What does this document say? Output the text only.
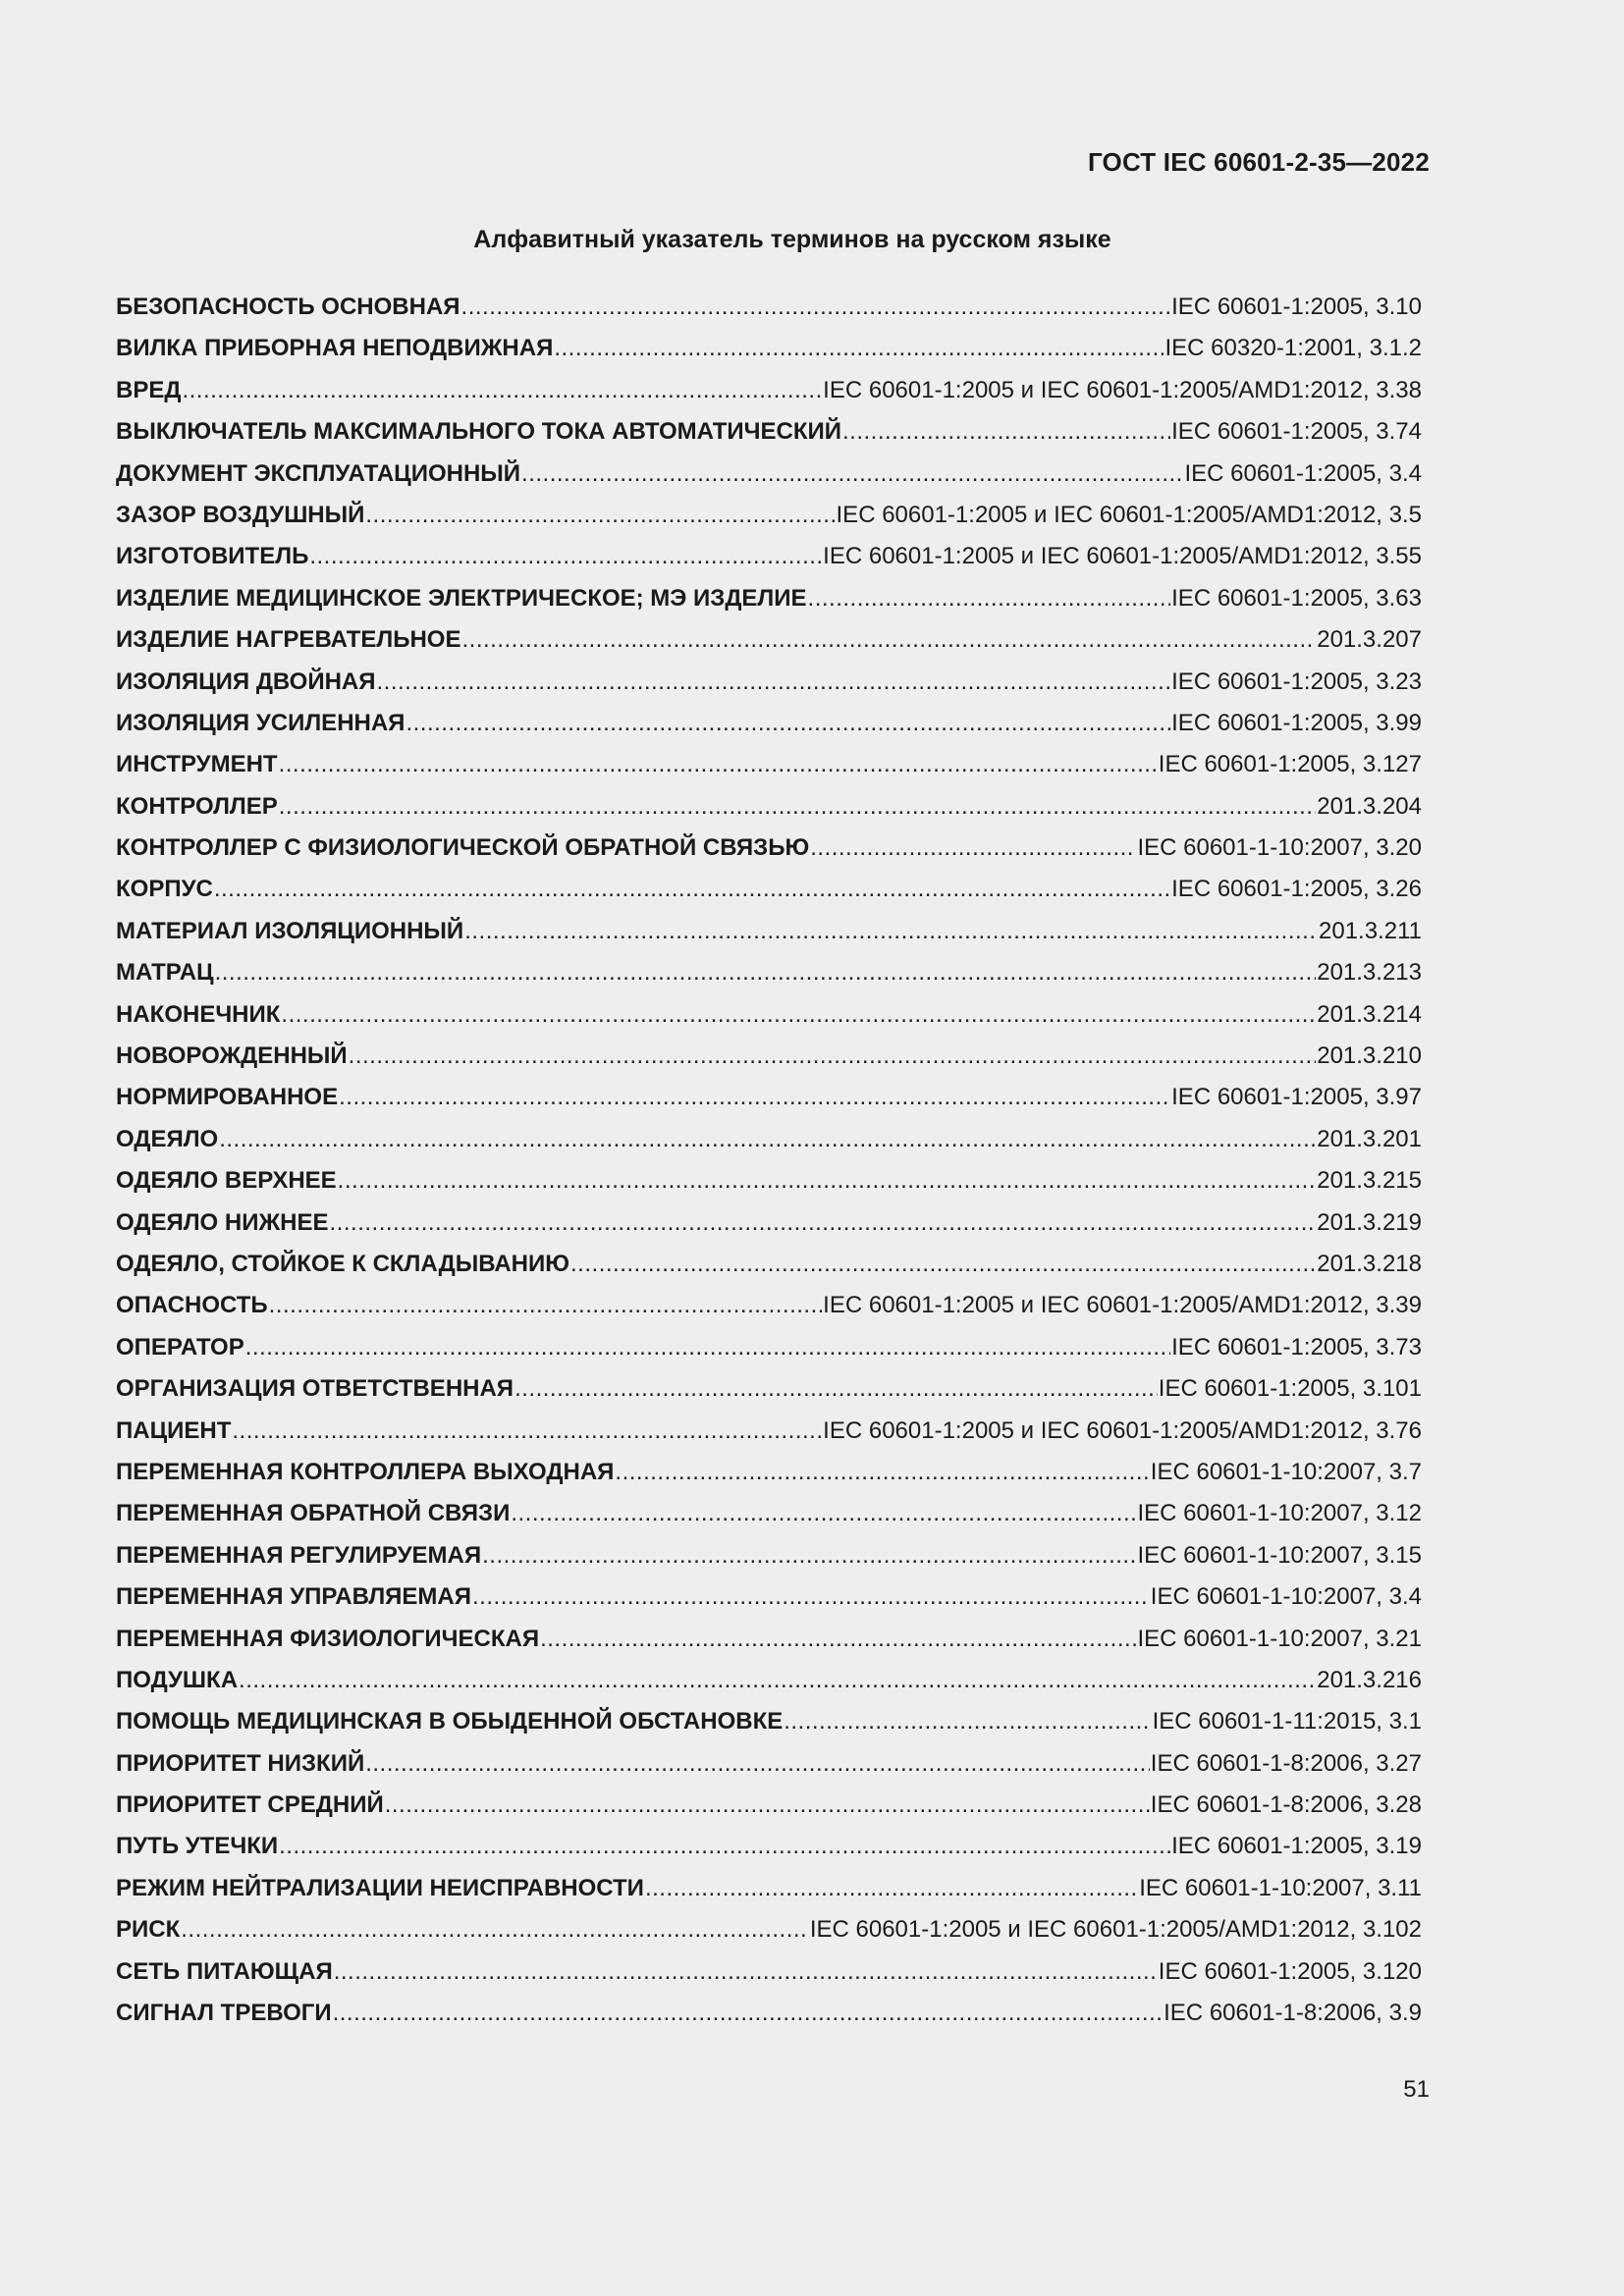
ГОСТ IEC 60601-2-35—2022
Алфавитный указатель терминов на русском языке
БЕЗОПАСНОСТЬ ОСНОВНАЯ .....	IEC 60601-1:2005, 3.10
ВИЛКА ПРИБОРНАЯ НЕПОДВИЖНАЯ .....	IEC 60320-1:2001, 3.1.2
ВРЕД .....	IEC 60601-1:2005 и IEC 60601-1:2005/AMD1:2012, 3.38
ВЫКЛЮЧАТЕЛЬ МАКСИМАЛЬНОГО ТОКА АВТОМАТИЧЕСКИЙ .....	IEC 60601-1:2005, 3.74
ДОКУМЕНТ ЭКСПЛУАТАЦИОННЫЙ .....	IEC 60601-1:2005, 3.4
ЗАЗОР ВОЗДУШНЫЙ .....	IEC 60601-1:2005 и IEC 60601-1:2005/AMD1:2012, 3.5
ИЗГОТОВИТЕЛЬ .....	IEC 60601-1:2005 и IEC 60601-1:2005/AMD1:2012, 3.55
ИЗДЕЛИЕ МЕДИЦИНСКОЕ ЭЛЕКТРИЧЕСКОЕ; МЭ ИЗДЕЛИЕ .....	IEC 60601-1:2005, 3.63
ИЗДЕЛИЕ НАГРЕВАТЕЛЬНОЕ .....	201.3.207
ИЗОЛЯЦИЯ ДВОЙНАЯ .....	IEC 60601-1:2005, 3.23
ИЗОЛЯЦИЯ УСИЛЕННАЯ .....	IEC 60601-1:2005, 3.99
ИНСТРУМЕНТ .....	IEC 60601-1:2005, 3.127
КОНТРОЛЛЕР .....	201.3.204
КОНТРОЛЛЕР С ФИЗИОЛОГИЧЕСКОЙ ОБРАТНОЙ СВЯЗЬЮ .....	IEC 60601-1-10:2007, 3.20
КОРПУС .....	IEC 60601-1:2005, 3.26
МАТЕРИАЛ ИЗОЛЯЦИОННЫЙ .....	201.3.211
МАТРАЦ .....	201.3.213
НАКОНЕЧНИК .....	201.3.214
НОВОРОЖДЕННЫЙ .....	201.3.210
НОРМИРОВАННОЕ .....	IEC 60601-1:2005, 3.97
ОДЕЯЛО .....	201.3.201
ОДЕЯЛО ВЕРХНЕЕ .....	201.3.215
ОДЕЯЛО НИЖНЕЕ .....	201.3.219
ОДЕЯЛО, СТОЙКОЕ К СКЛАДЫВАНИЮ .....	201.3.218
ОПАСНОСТЬ .....	IEC 60601-1:2005 и IEC 60601-1:2005/AMD1:2012, 3.39
ОПЕРАТОР .....	IEC 60601-1:2005, 3.73
ОРГАНИЗАЦИЯ ОТВЕТСТВЕННАЯ .....	IEC 60601-1:2005, 3.101
ПАЦИЕНТ .....	IEC 60601-1:2005 и IEC 60601-1:2005/AMD1:2012, 3.76
ПЕРЕМЕННАЯ КОНТРОЛЛЕРА ВЫХОДНАЯ .....	IEC 60601-1-10:2007, 3.7
ПЕРЕМЕННАЯ ОБРАТНОЙ СВЯЗИ .....	IEC 60601-1-10:2007, 3.12
ПЕРЕМЕННАЯ РЕГУЛИРУЕМАЯ .....	IEC 60601-1-10:2007, 3.15
ПЕРЕМЕННАЯ УПРАВЛЯЕМАЯ .....	IEC 60601-1-10:2007, 3.4
ПЕРЕМЕННАЯ ФИЗИОЛОГИЧЕСКАЯ .....	IEC 60601-1-10:2007, 3.21
ПОДУШКА .....	201.3.216
ПОМОЩЬ МЕДИЦИНСКАЯ В ОБЫДЕННОЙ ОБСТАНОВКЕ .....	IEC 60601-1-11:2015, 3.1
ПРИОРИТЕТ НИЗКИЙ .....	IEC 60601-1-8:2006, 3.27
ПРИОРИТЕТ СРЕДНИЙ .....	IEC 60601-1-8:2006, 3.28
ПУТЬ УТЕЧКИ .....	IEC 60601-1:2005, 3.19
РЕЖИМ НЕЙТРАЛИЗАЦИИ НЕИСПРАВНОСТИ .....	IEC 60601-1-10:2007, 3.11
РИСК .....	IEC 60601-1:2005 и IEC 60601-1:2005/AMD1:2012, 3.102
СЕТЬ ПИТАЮЩАЯ .....	IEC 60601-1:2005, 3.120
СИГНАЛ ТРЕВОГИ .....	IEC 60601-1-8:2006, 3.9
51
